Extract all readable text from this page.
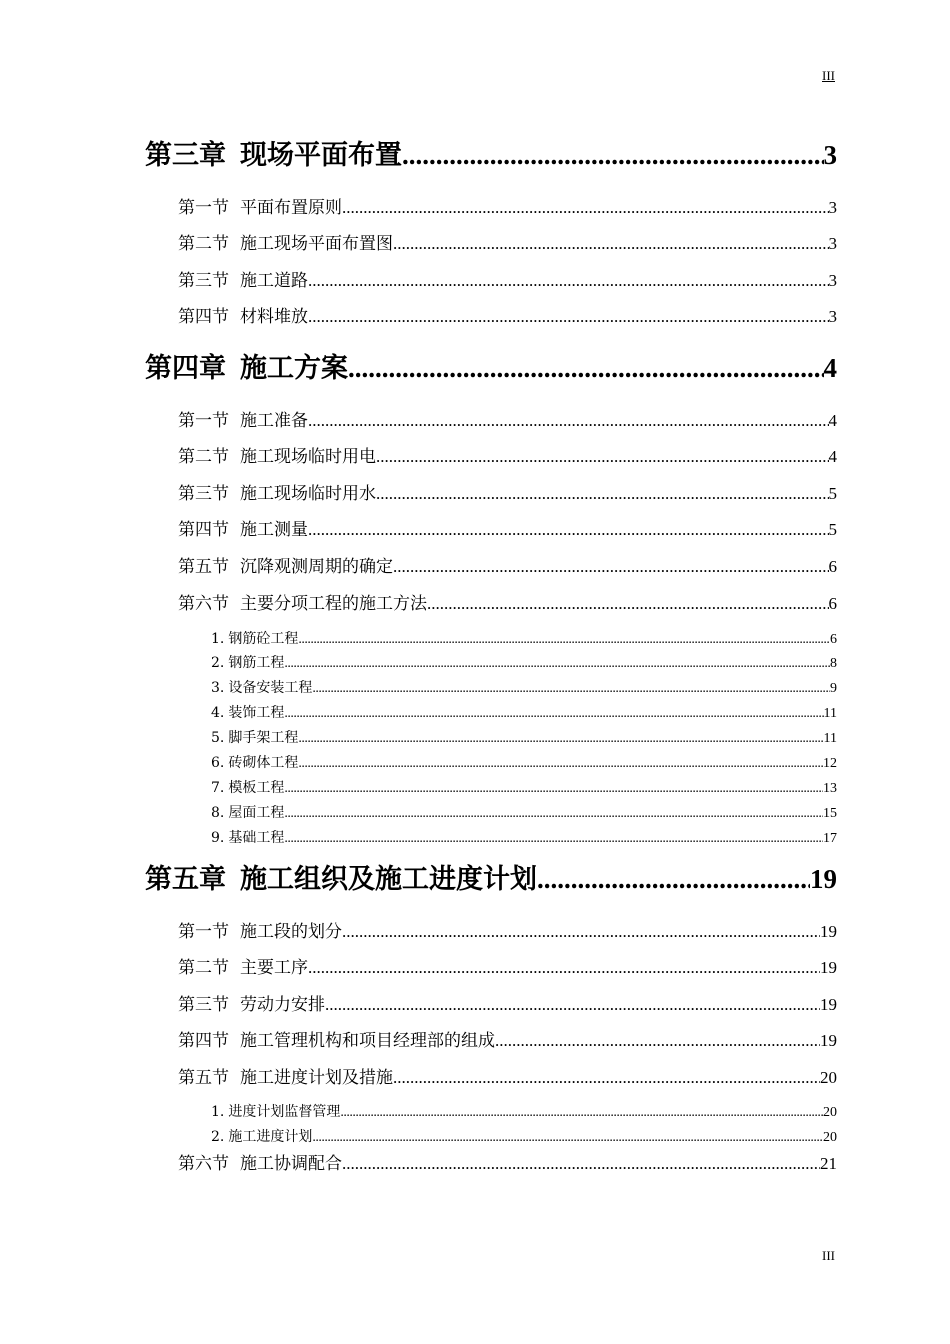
III
第三章 现场平面布置 .....	3
第一节 平面布置原则 .....	3
第二节 施工现场平面布置图 .....	3
第三节 施工道路 .....	3
第四节 材料堆放 .....	3
第四章 施工方案 .....	4
第一节 施工准备 .....	4
第二节 施工现场临时用电 .....	4
第三节 施工现场临时用水 .....	5
第四节 施工测量 .....	5
第五节 沉降观测周期的确定 .....	6
第六节 主要分项工程的施工方法 .....	6
1. 钢筋砼工程 .....	6
2. 钢筋工程 .....	8
3. 设备安装工程 .....	9
4. 装饰工程 .....	11
5. 脚手架工程 .....	11
6. 砖砌体工程 .....	12
7. 模板工程 .....	13
8. 屋面工程 .....	15
9. 基础工程 .....	17
第五章 施工组织及施工进度计划 .....	19
第一节 施工段的划分 .....	19
第二节 主要工序 .....	19
第三节 劳动力安排 .....	19
第四节 施工管理机构和项目经理部的组成 .....	19
第五节 施工进度计划及措施 .....	20
1. 进度计划监督管理 .....	20
2. 施工进度计划 .....	20
第六节 施工协调配合 .....	21
III
